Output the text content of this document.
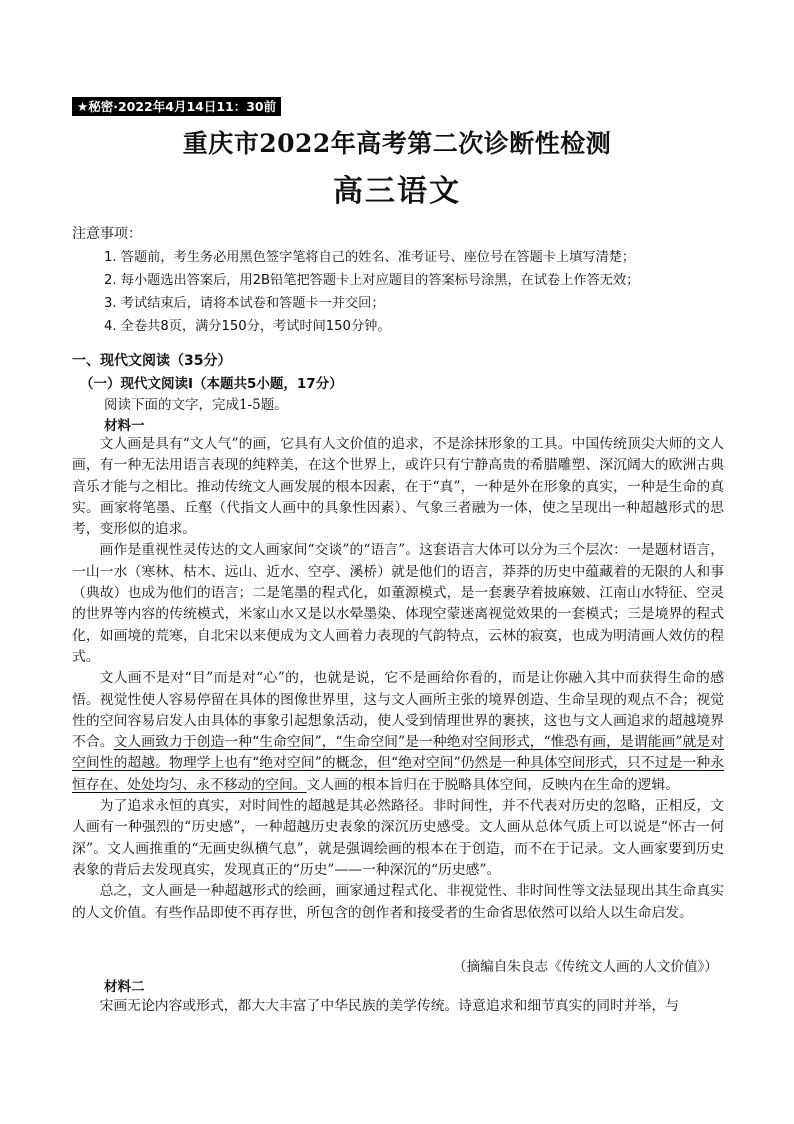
★秘密·2022年4月14日11：30前
重庆市2022年高考第二次诊断性检测
高三语文
注意事项：
1. 答题前，考生务必用黑色签字笔将自己的姓名、准考证号、座位号在答题卡上填写清楚；
2. 每小题选出答案后，用2B铅笔把答题卡上对应题目的答案标号涂黑，在试卷上作答无效；
3. 考试结束后，请将本试卷和答题卡一并交回；
4. 全卷共8页，满分150分，考试时间150分钟。
一、现代文阅读（35分）
（一）现代文阅读Ⅰ（本题共5小题，17分）
阅读下面的文字，完成1-5题。
材料一

文人画是具有“文人气”的画，它具有人文价值的追求，不是涂抹形象的工具。中国传统顶尖大师的文人画，有一种无法用语言表现的纯粹美，在这个世界上，或许只有宁静高贵的希腊雕塑、深沉阔大的欧洲古典音乐才能与之相比。推动传统文人画发展的根本因素，在于“真”，一种是外在形象的真实，一种是生命的真实。画家将笔墨、丘壑（代指文人画中的具象性因素）、气象三者融为一体，使之呈现出一种超越形式的思考，变形似的追求。

画作是重视性灵传达的文人画家间“交谈”的“语言”。这套语言大体可以分为三个层次：一是题材语言，一山一水（寒林、枯木、远山、近水、空亭、溪桥）就是他们的语言，莽莽的历史中蕴藏着的无限的人和事（典故）也成为他们的语言；二是笔墨的程式化，如董源模式，是一套裹孕着披麻皴、江南山水特征、空灵的世界等内容的传统模式，米家山水又是以水晕墨染、体现空蒙迷离视觉效果的一套模式；三是境界的程式化，如画境的荒寒，自北宋以来便成为文人画着力表现的气韵特点，云林的寂寞，也成为明清画人效仿的程式。

文人画不是对“目”而是对“心”的，也就是说，它不是画给你看的，而是让你融入其中而获得生命的感悟。视觉性使人容易停留在具体的图像世界里，这与文人画所主张的境界创造、生命呈现的观点不合；视觉性的空间容易启发人由具体的事象引起想象活动，使人受到情理世界的裹挟，这也与文人画追求的超越境界不合。文人画致力于创造一种“生命空间”，“生命空间”是一种绝对空间形式，“惟恐有画，是谓能画”就是对空间性的超越。物理学上也有“绝对空间”的概念，但“绝对空间”仍然是一种具体空间形式，只不过是一种永恒存在、处处均匀、永不移动的空间。文人画的根本旨归在于脱略具体空间，反映内在生命的逻辑。

为了追求永恒的真实，对时间性的超越是其必然路径。非时间性，并不代表对历史的忽略，正相反，文人画有一种强烈的“历史感”，一种超越历史表象的深沉历史感受。文人画从总体气质上可以说是“怀古一何深”。文人画推重的“无画史纵横气息”，就是强调绘画的根本在于创造，而不在于记录。文人画家要到历史表象的背后去发现真实，发现真正的“历史”——一种深沉的“历史感”。

总之，文人画是一种超越形式的绘画，画家通过程式化、非视觉性、非时间性等文法显现出其生命真实的人文价值。有些作品即使不再存世，所包含的创作者和接受者的生命省思依然可以给人以生命启发。

（摘编自朱良志《传统文人画的人文价值》）
材料二

宋画无论内容或形式，都大大丰富了中华民族的美学传统。诗意追求和细节真实的同时并举，与
